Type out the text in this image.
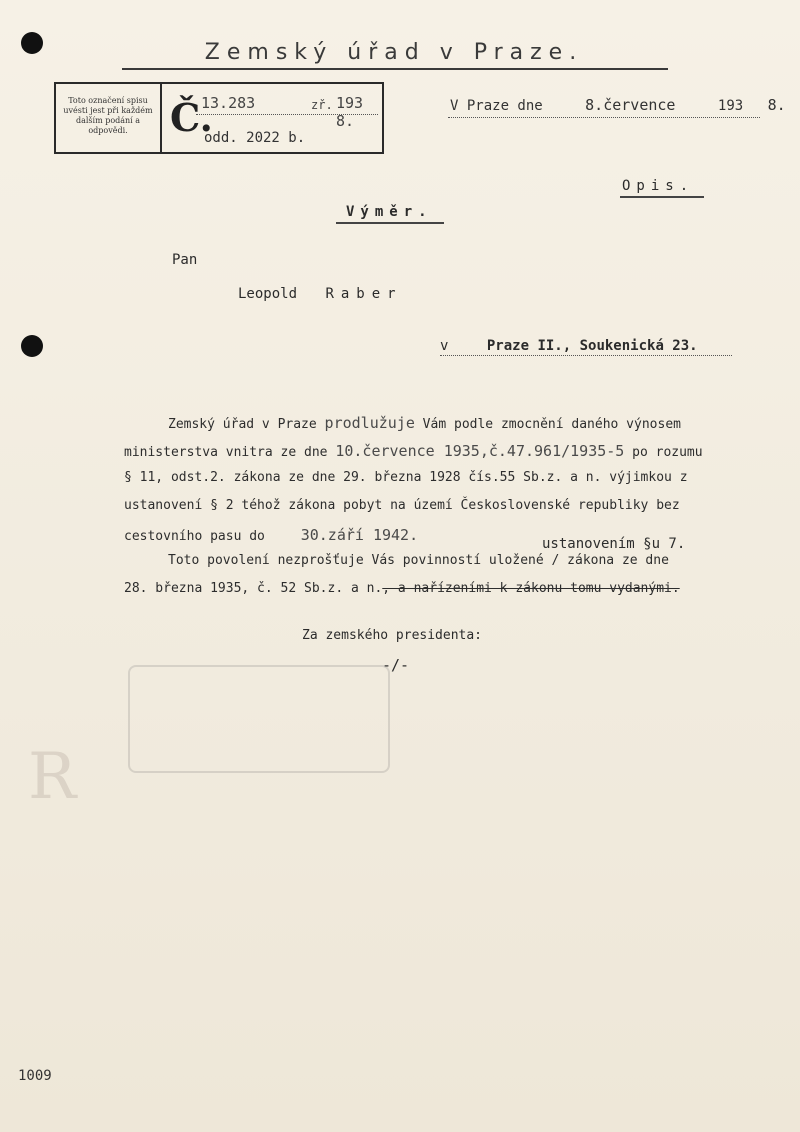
Zemský úřad v Praze.
Toto označení spisu uvésti jest při každém dalším podání a odpovědi.	Č.
13.283	zř. 193 8.
odd. 2022 b.
V Praze dne	8.července	193 8.
Opis.
Výměr.
Pan
Leopold Raber
v	Praze II., Soukenická 23.
Zemský úřad v Praze prodlužuje Vám podle zmocnění daného výnosem
ministerstva vnitra ze dne 10.července 1935,č.47.961/1935-5 po rozumu
§ 11, odst.2. zákona ze dne 29. března 1928 čís.55 Sb.z. a n. výjimkou z
ustanovení § 2 téhož zákona pobyt na území Československé republiky bez
cestovního pasu do 30.září 1942.	ustanovením §u 7.
Toto povolení nezprošťuje Vás povinností uložené / zákona ze dne
28. března 1935, č. 52 Sb.z. a n., a nařízeními k zákonu tomu vydanými.
Za zemského presidenta:
-/-
R
1009
